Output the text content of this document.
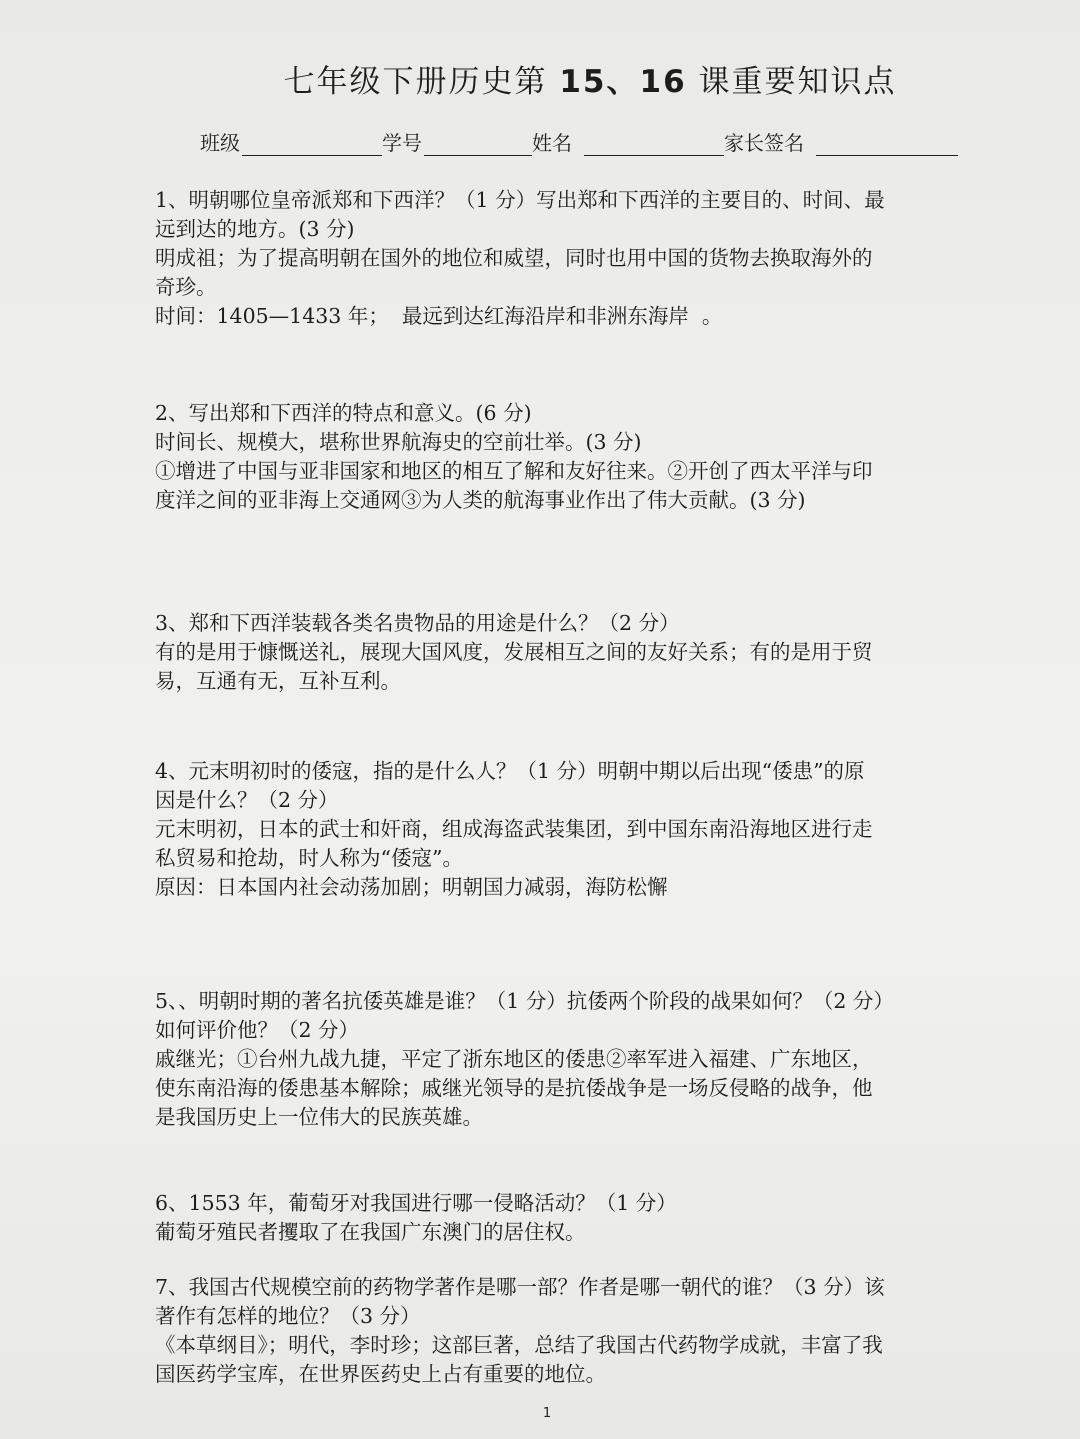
七年级下册历史第 15、16 课重要知识点
班级	学号	姓名	家长签名

1、明朝哪位皇帝派郑和下西洋？（1 分）写出郑和下西洋的主要目的、时间、最

远到达的地方。(3 分)

明成祖；为了提高明朝在国外的地位和威望，同时也用中国的货物去换取海外的

奇珍。

时间：1405—1433 年；  最远到达红海沿岸和非洲东海岸  。

2、写出郑和下西洋的特点和意义。(6 分)

时间长、规模大，堪称世界航海史的空前壮举。(3 分)

①增进了中国与亚非国家和地区的相互了解和友好往来。②开创了西太平洋与印

度洋之间的亚非海上交通网③为人类的航海事业作出了伟大贡献。(3 分)

3、郑和下西洋装载各类名贵物品的用途是什么？（2 分）

有的是用于慷慨送礼，展现大国风度，发展相互之间的友好关系；有的是用于贸

易，互通有无，互补互利。

4、元末明初时的倭寇，指的是什么人？（1 分）明朝中期以后出现“倭患”的原

因是什么？（2 分）

元末明初，日本的武士和奸商，组成海盗武装集团，到中国东南沿海地区进行走

私贸易和抢劫，时人称为“倭寇”。

原因：日本国内社会动荡加剧；明朝国力减弱，海防松懈

5、、明朝时期的著名抗倭英雄是谁？（1 分）抗倭两个阶段的战果如何？（2 分）

如何评价他？（2 分）

戚继光；①台州九战九捷，平定了浙东地区的倭患②率军进入福建、广东地区，

使东南沿海的倭患基本解除；戚继光领导的是抗倭战争是一场反侵略的战争，他

是我国历史上一位伟大的民族英雄。

6、1553 年，葡萄牙对我国进行哪一侵略活动？（1 分）

葡萄牙殖民者攫取了在我国广东澳门的居住权。

7、我国古代规模空前的药物学著作是哪一部？作者是哪一朝代的谁？（3 分）该

著作有怎样的地位？（3 分）

《本草纲目》；明代，李时珍；这部巨著，总结了我国古代药物学成就，丰富了我

国医药学宝库，在世界医药史上占有重要的地位。

1
